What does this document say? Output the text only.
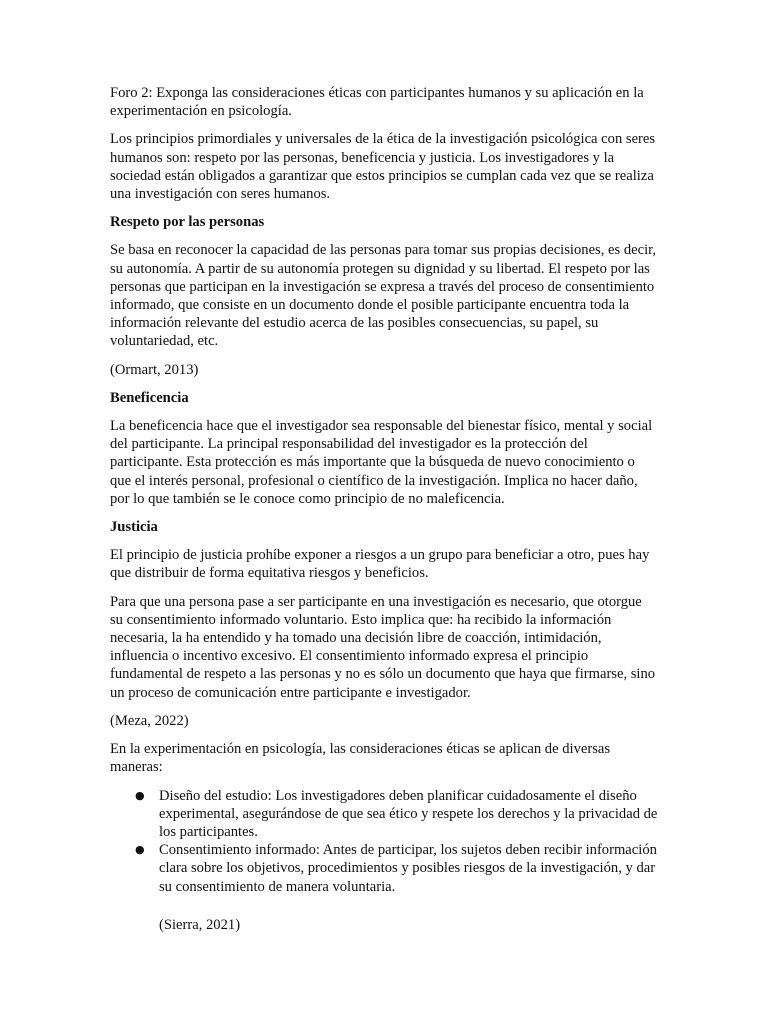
Foro 2: Exponga las consideraciones éticas con participantes humanos y su aplicación en la experimentación en psicología.

Los principios primordiales y universales de la ética de la investigación psicológica con seres humanos son: respeto por las personas, beneficencia y justicia. Los investigadores y la sociedad están obligados a garantizar que estos principios se cumplan cada vez que se realiza una investigación con seres humanos.

Respeto por las personas

Se basa en reconocer la capacidad de las personas para tomar sus propias decisiones, es decir, su autonomía. A partir de su autonomía protegen su dignidad y su libertad. El respeto por las personas que participan en la investigación se expresa a través del proceso de consentimiento informado, que consiste en un documento donde el posible participante encuentra toda la información relevante del estudio acerca de las posibles consecuencias, su papel, su voluntariedad, etc.

(Ormart, 2013)

Beneficencia

La beneficencia hace que el investigador sea responsable del bienestar físico, mental y social del participante. La principal responsabilidad del investigador es la protección del participante. Esta protección es más importante que la búsqueda de nuevo conocimiento o que el interés personal, profesional o científico de la investigación. Implica no hacer daño, por lo que también se le conoce como principio de no maleficencia.

Justicia

El principio de justicia prohíbe exponer a riesgos a un grupo para beneficiar a otro, pues hay que distribuir de forma equitativa riesgos y beneficios.

Para que una persona pase a ser participante en una investigación es necesario, que otorgue su consentimiento informado voluntario. Esto implica que: ha recibido la información necesaria, la ha entendido y ha tomado una decisión libre de coacción, intimidación, influencia o incentivo excesivo. El consentimiento informado expresa el principio fundamental de respeto a las personas y no es sólo un documento que haya que firmarse, sino un proceso de comunicación entre participante e investigador.

(Meza, 2022)

En la experimentación en psicología, las consideraciones éticas se aplican de diversas maneras:

● Diseño del estudio: Los investigadores deben planificar cuidadosamente el diseño experimental, asegurándose de que sea ético y respete los derechos y la privacidad de los participantes.
● Consentimiento informado: Antes de participar, los sujetos deben recibir información clara sobre los objetivos, procedimientos y posibles riesgos de la investigación, y dar su consentimiento de manera voluntaria.

(Sierra, 2021)
